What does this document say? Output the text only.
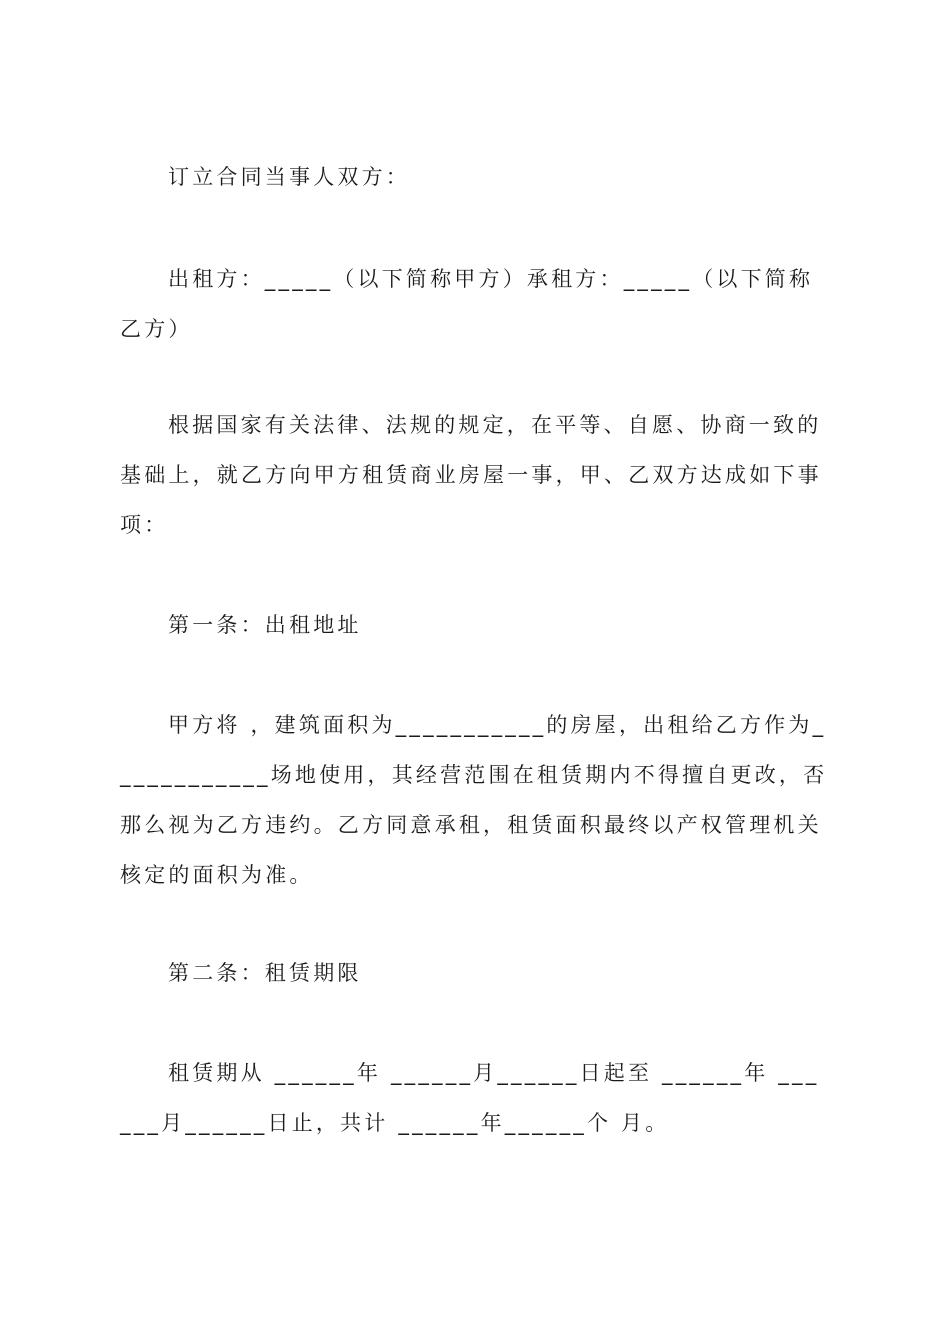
订立合同当事人双方：

出租方：_____（以下简称甲方）承租方：_____（以下简称乙方）

根据国家有关法律、法规的规定，在平等、自愿、协商一致的基础上，就乙方向甲方租赁商业房屋一事，甲、乙双方达成如下事项：

第一条：出租地址

甲方将 ，建筑面积为___________的房屋，出租给乙方作为____________场地使用，其经营范围在租赁期内不得擅自更改，否那么视为乙方违约。乙方同意承租，租赁面积最终以产权管理机关核定的面积为准。

第二条：租赁期限

租赁期从 ______年 ______月______日起至 ______年 ______月______日止，共计 ______年______个 月。
